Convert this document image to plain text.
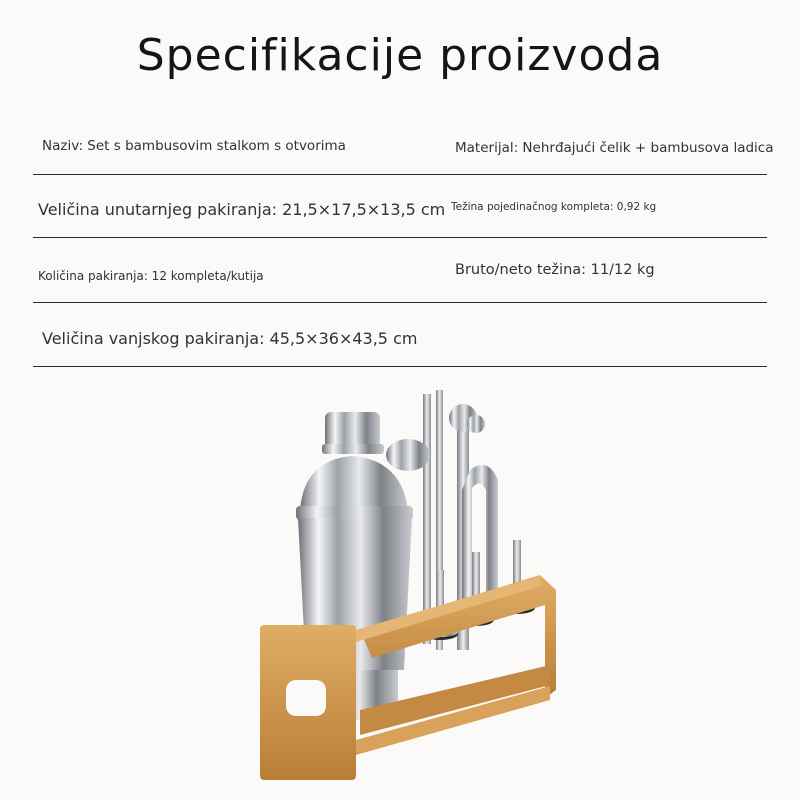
Specifikacije proizvoda
Naziv: Set s bambusovim stalkom s otvorima	Materijal: Nehrđajući čelik + bambusova ladica
Veličina unutarnjeg pakiranja: 21,5×17,5×13,5 cm Težina pojedinačnog kompleta: 0,92 kg
Količina pakiranja: 12 kompleta/kutija	Bruto/neto težina: 11/12 kg
Veličina vanjskog pakiranja: 45,5×36×43,5 cm
